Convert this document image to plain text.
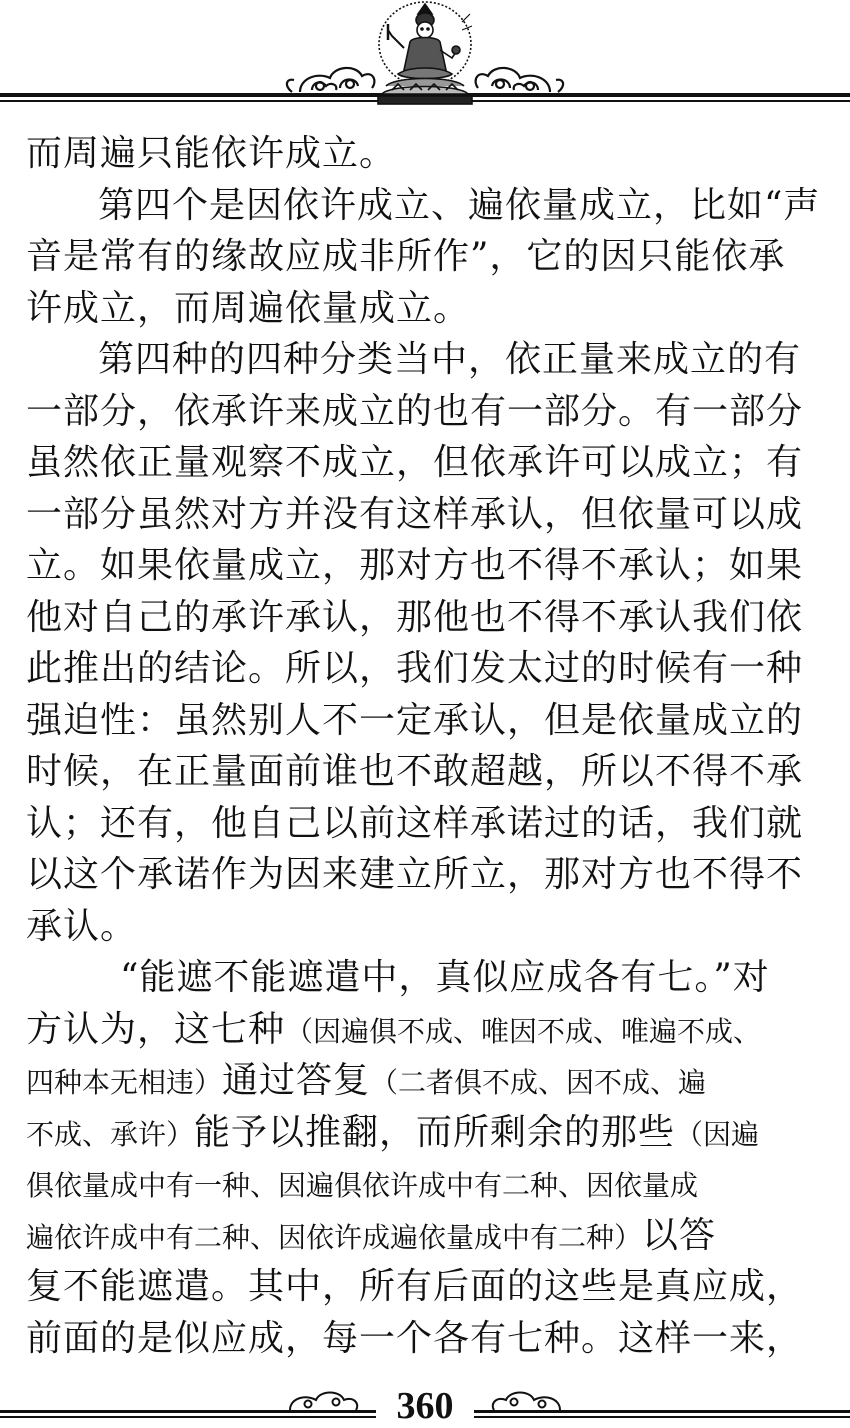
而周遍只能依许成立。
第四个是因依许成立、遍依量成立，比如“声
音是常有的缘故应成非所作”，它的因只能依承
许成立，而周遍依量成立。
第四种的四种分类当中，依正量来成立的有
一部分，依承许来成立的也有一部分。有一部分
虽然依正量观察不成立，但依承许可以成立；有
一部分虽然对方并没有这样承认，但依量可以成
立。如果依量成立，那对方也不得不承认；如果
他对自己的承许承认，那他也不得不承认我们依
此推出的结论。所以，我们发太过的时候有一种
强迫性：虽然别人不一定承认，但是依量成立的
时候，在正量面前谁也不敢超越，所以不得不承
认；还有，他自己以前这样承诺过的话，我们就
以这个承诺作为因来建立所立，那对方也不得不
承认。
“能遮不能遮遣中，真似应成各有七。”对
方认为，这七种（因遍俱不成、唯因不成、唯遍不成、
四种本无相违）通过答复（二者俱不成、因不成、遍
不成、承许）能予以推翻，而所剩余的那些（因遍
俱依量成中有一种、因遍俱依许成中有二种、因依量成
遍依许成中有二种、因依许成遍依量成中有二种）以答
复不能遮遣。其中，所有后面的这些是真应成，
前面的是似应成，每一个各有七种。这样一来，
360
